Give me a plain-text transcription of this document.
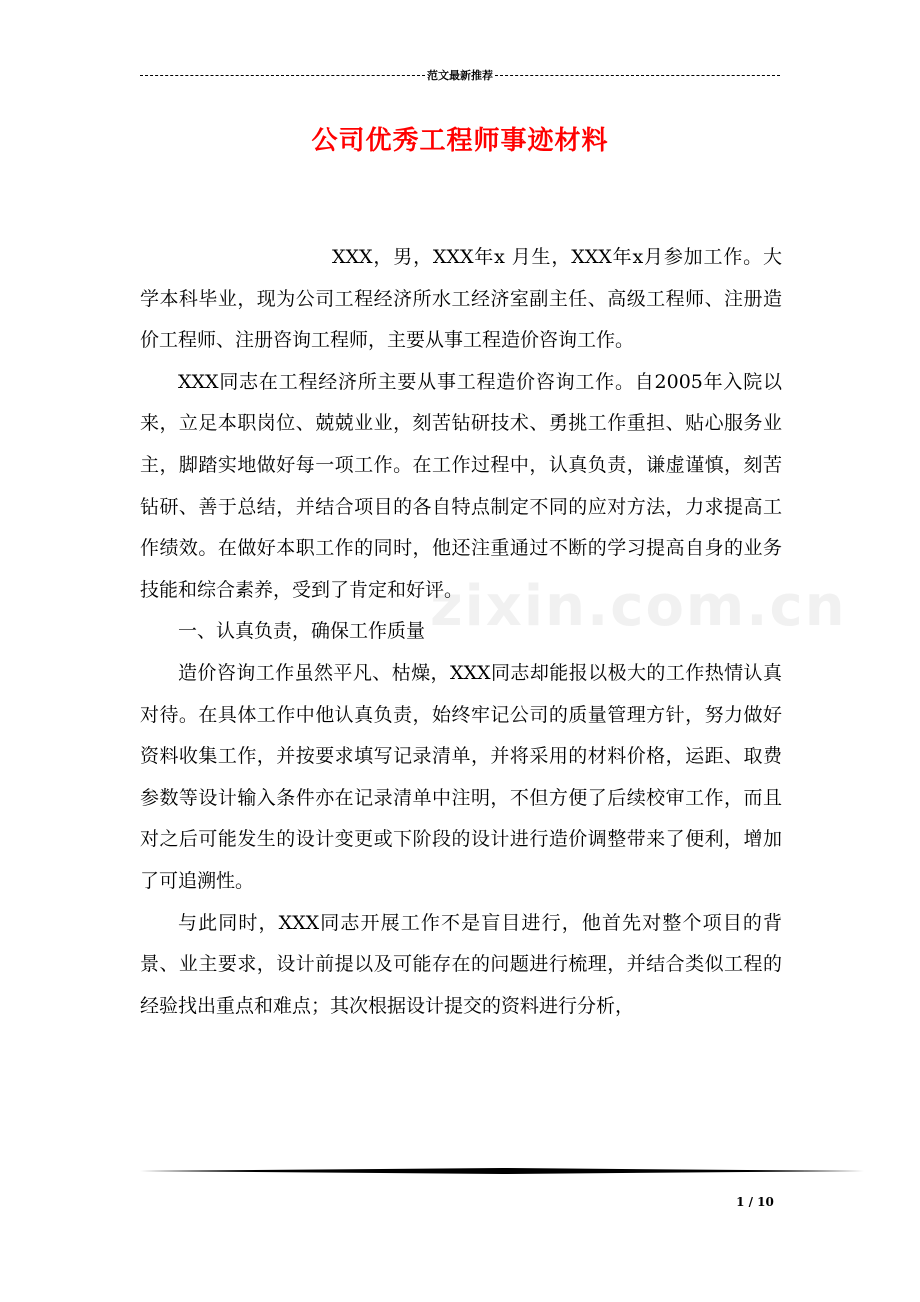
范文最新推荐
公司优秀工程师事迹材料
zixin.com.cn

XXX，男，XXX年x 月生，XXX年x月参加工作。大学本科毕业，现为公司工程经济所水工经济室副主任、高级工程师、注册造价工程师、注册咨询工程师，主要从事工程造价咨询工作。

XXX同志在工程经济所主要从事工程造价咨询工作。自2005年入院以来，立足本职岗位、兢兢业业，刻苦钻研技术、勇挑工作重担、贴心服务业主，脚踏实地做好每一项工作。在工作过程中，认真负责，谦虚谨慎，刻苦钻研、善于总结，并结合项目的各自特点制定不同的应对方法，力求提高工作绩效。在做好本职工作的同时，他还注重通过不断的学习提高自身的业务技能和综合素养，受到了肯定和好评。

一、认真负责，确保工作质量

造价咨询工作虽然平凡、枯燥，XXX同志却能报以极大的工作热情认真对待。在具体工作中他认真负责，始终牢记公司的质量管理方针，努力做好资料收集工作，并按要求填写记录清单，并将采用的材料价格，运距、取费参数等设计输入条件亦在记录清单中注明，不但方便了后续校审工作，而且对之后可能发生的设计变更或下阶段的设计进行造价调整带来了便利，增加了可追溯性。

与此同时，XXX同志开展工作不是盲目进行，他首先对整个项目的背景、业主要求，设计前提以及可能存在的问题进行梳理，并结合类似工程的经验找出重点和难点；其次根据设计提交的资料进行分析，

1 / 10
